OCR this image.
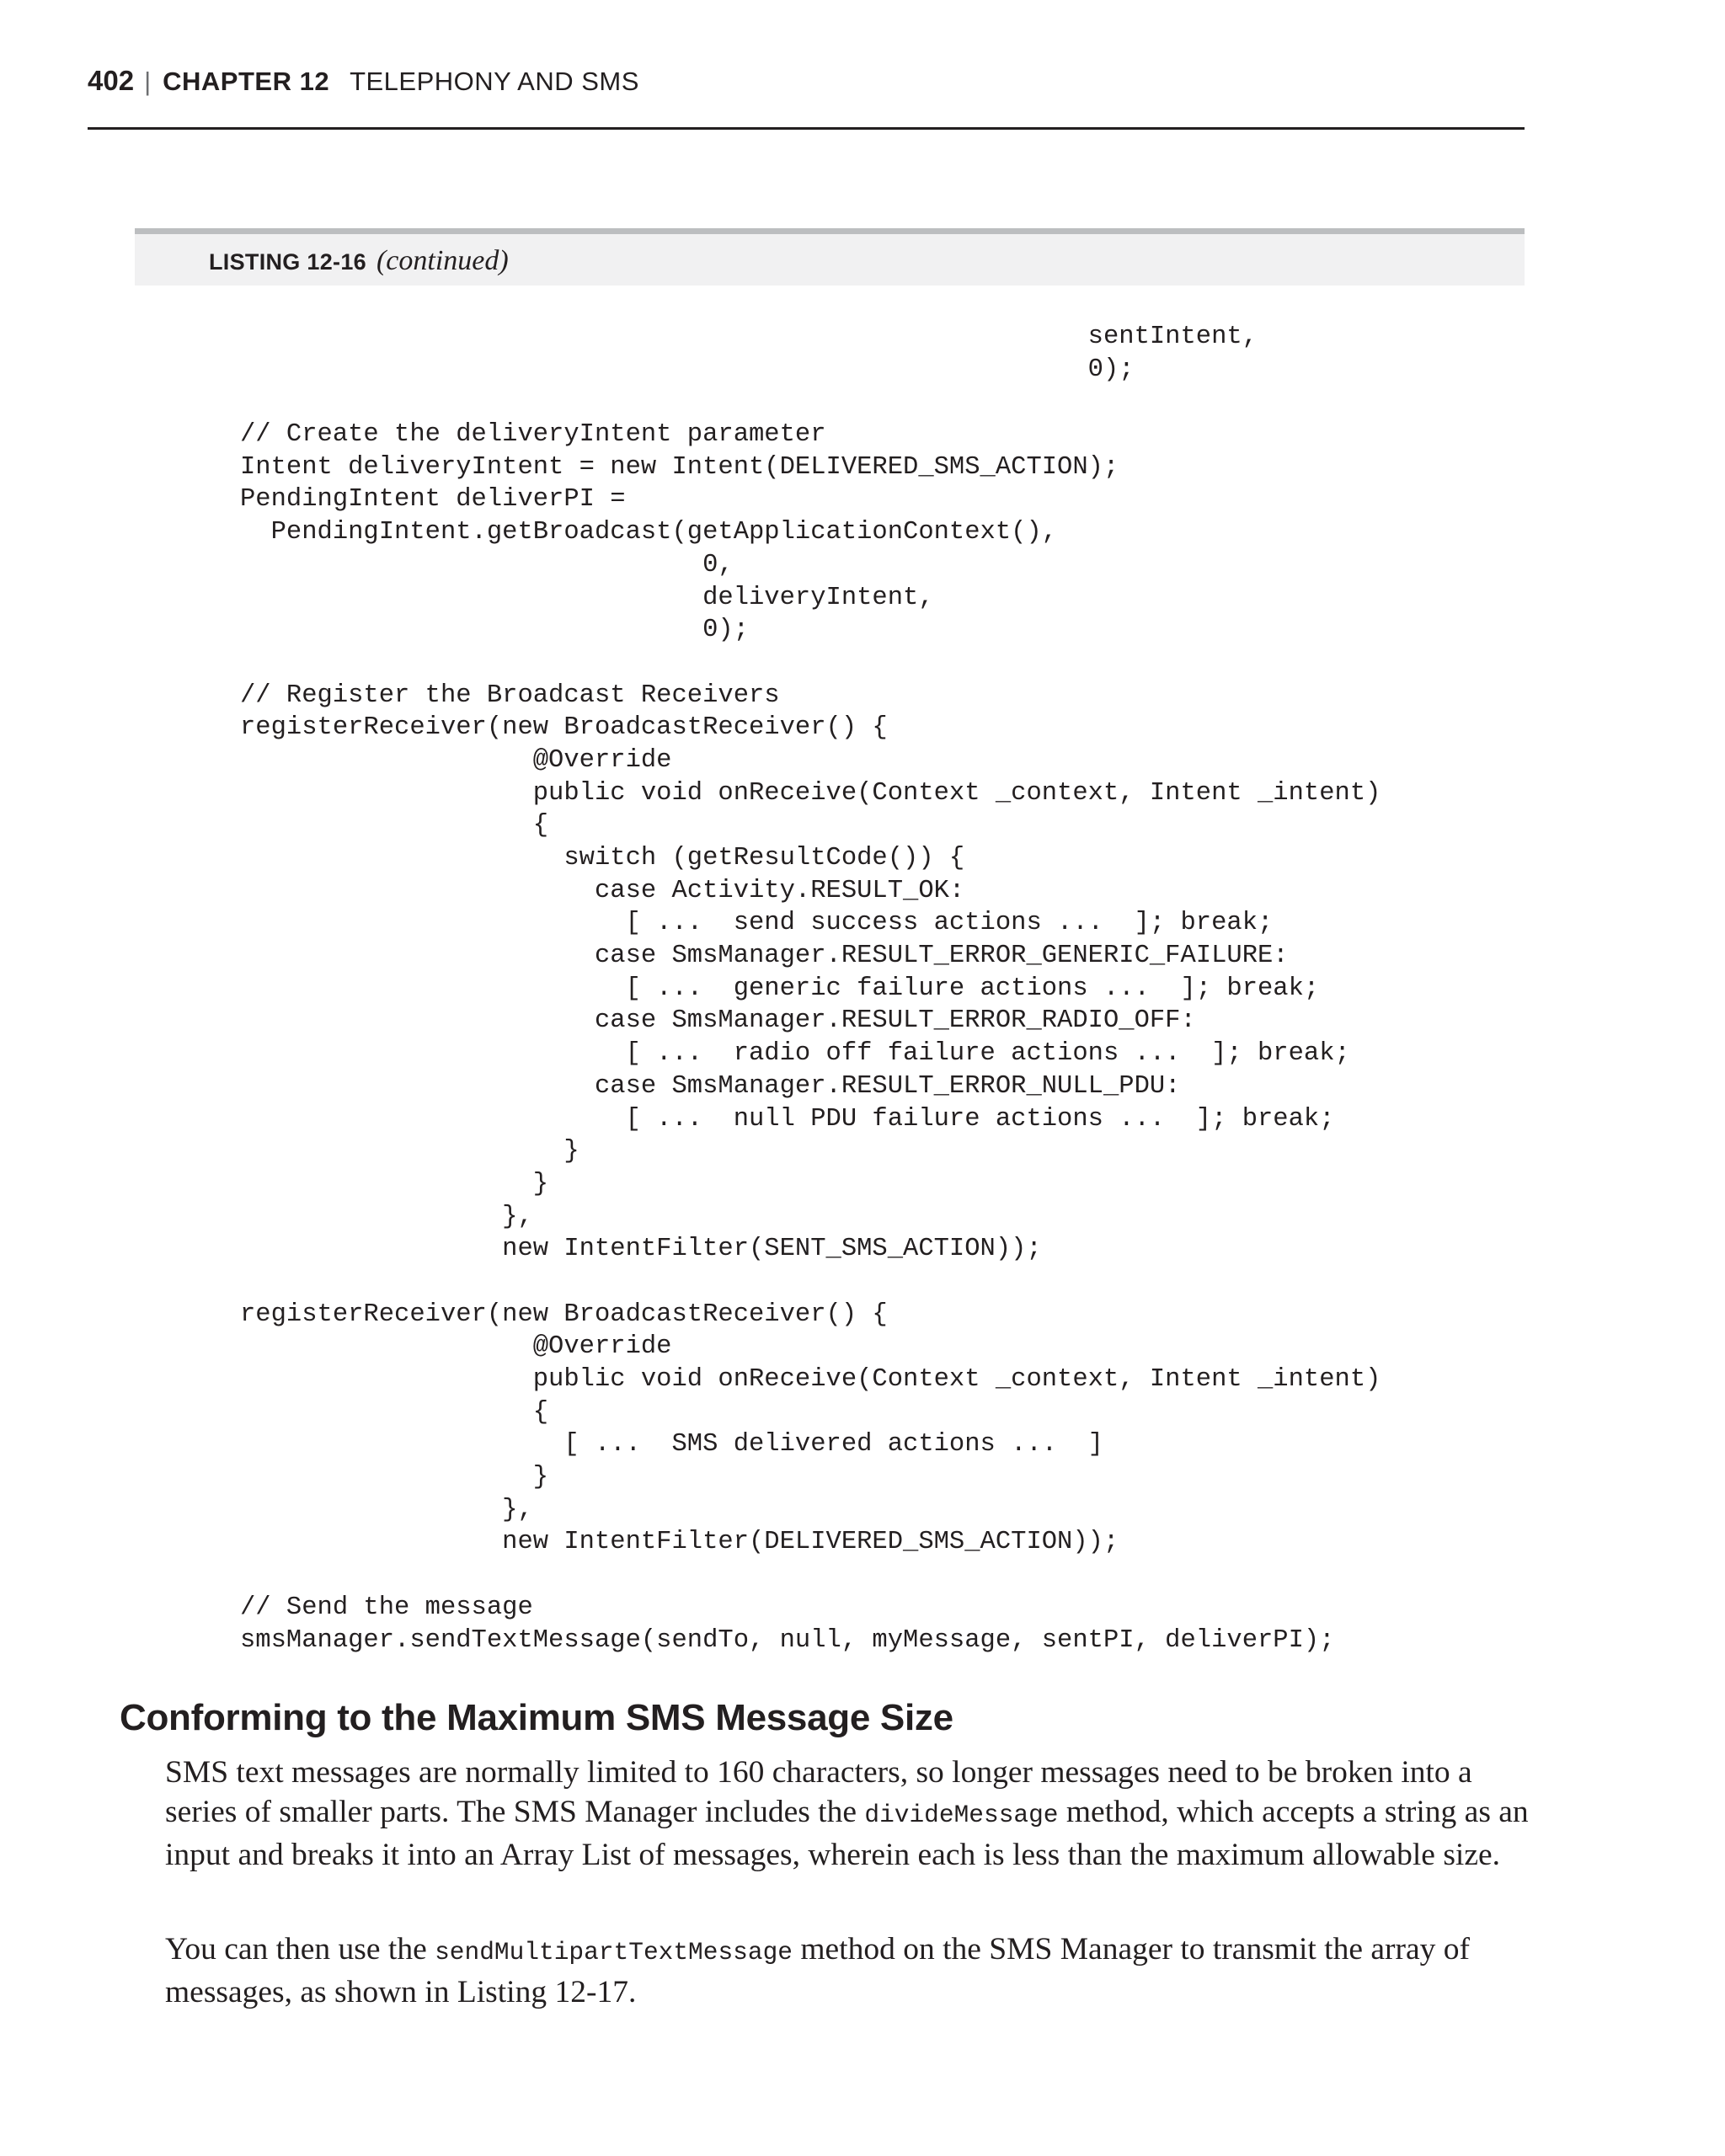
402 | CHAPTER 12 TELEPHONY AND SMS
LISTING 12-16 (continued)
sentIntent,
0);
// Create the deliveryIntent parameter
Intent deliveryIntent = new Intent(DELIVERED_SMS_ACTION);
PendingIntent deliverPI =
PendingIntent.getBroadcast(getApplicationContext(),
0,
deliveryIntent,
0);
// Register the Broadcast Receivers
registerReceiver(new BroadcastReceiver() {
@Override
public void onReceive(Context _context, Intent _intent)
{
switch (getResultCode()) {
case Activity.RESULT_OK:
[ ...  send success actions ...  ]; break;
case SmsManager.RESULT_ERROR_GENERIC_FAILURE:
[ ...  generic failure actions ...  ]; break;
case SmsManager.RESULT_ERROR_RADIO_OFF:
[ ...  radio off failure actions ...  ]; break;
case SmsManager.RESULT_ERROR_NULL_PDU:
[ ...  null PDU failure actions ...  ]; break;
}
}
},
new IntentFilter(SENT_SMS_ACTION));
registerReceiver(new BroadcastReceiver() {
@Override
public void onReceive(Context _context, Intent _intent)
{
[ ...  SMS delivered actions ...  ]
}
},
new IntentFilter(DELIVERED_SMS_ACTION));
// Send the message
smsManager.sendTextMessage(sendTo, null, myMessage, sentPI, deliverPI);
Conforming to the Maximum SMS Message Size

SMS text messages are normally limited to 160 characters, so longer messages need to be broken into a series of smaller parts. The SMS Manager includes the divideMessage method, which accepts a string as an input and breaks it into an Array List of messages, wherein each is less than the maximum allowable size.

You can then use the sendMultipartTextMessage method on the SMS Manager to transmit the array of messages, as shown in Listing 12-17.
